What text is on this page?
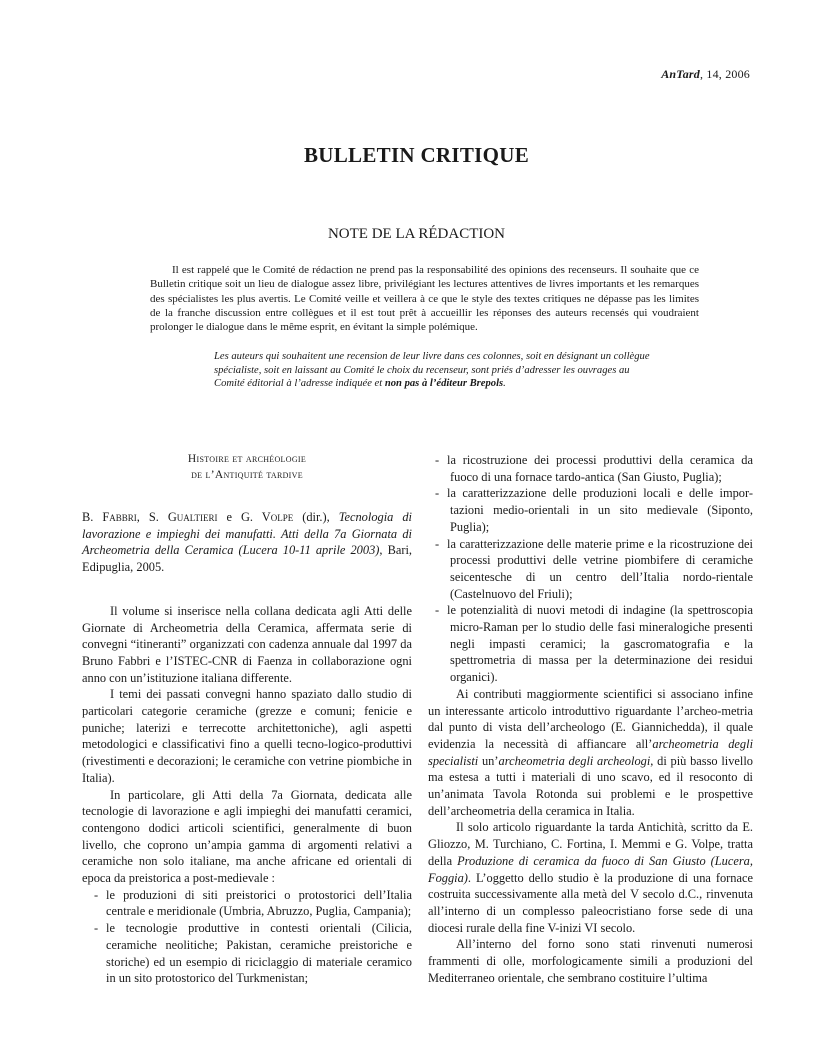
AnTard, 14, 2006
BULLETIN CRITIQUE
NOTE DE LA RÉDACTION

Il est rappelé que le Comité de rédaction ne prend pas la responsabilité des opinions des recenseurs. Il souhaite que ce Bulletin critique soit un lieu de dialogue assez libre, privilégiant les lectures attentives de livres importants et les remarques des spécialistes les plus avertis. Le Comité veille et veillera à ce que le style des textes critiques ne dépasse pas les limites de la franche discussion entre collègues et il est tout prêt à accueillir les réponses des auteurs recensés qui voudraient prolonger le dialogue dans le même esprit, en évitant la simple polémique.

Les auteurs qui souhaitent une recension de leur livre dans ces colonnes, soit en désignant un collègue spécialiste, soit en laissant au Comité le choix du recenseur, sont priés d’adresser les ouvrages au Comité éditorial à l’adresse indiquée et non pas à l’éditeur Brepols.

Histoire et archéologie
de l’Antiquité tardive

B. Fabbri, S. Gualtieri e G. Volpe (dir.), Tecnologia di lavorazione e impieghi dei manufatti. Atti della 7a Giornata di Archeometria della Ceramica (Lucera 10-11 aprile 2003), Bari, Edipuglia, 2005.

Il volume si inserisce nella collana dedicata agli Atti delle Giornate di Archeometria della Ceramica, affermata serie di convegni “itineranti” organizzati con cadenza annuale dal 1997 da Bruno Fabbri e l’ISTEC-CNR di Faenza in collaborazione ogni anno con un’istituzione italiana differente.

I temi dei passati convegni hanno spaziato dallo studio di particolari categorie ceramiche (grezze e comuni; fenicie e puniche; laterizi e terrecotte architettoniche), agli aspetti metodologici e classificativi fino a quelli tecno-logico-produttivi (rivestimenti e decorazioni; le ceramiche con vetrine piombiche in Italia).

In particolare, gli Atti della 7a Giornata, dedicata alle tecnologie di lavorazione e agli impieghi dei manufatti ceramici, contengono dodici articoli scientifici, generalmente di buon livello, che coprono un’ampia gamma di argomenti relativi a ceramiche non solo italiane, ma anche africane ed orientali di epoca da preistorica a post-medievale :

- le produzioni di siti preistorici o protostorici dell’Italia centrale e meridionale (Umbria, Abruzzo, Puglia, Campania);
- le tecnologie produttive in contesti orientali (Cilicia, ceramiche neolitiche; Pakistan, ceramiche preistoriche e storiche) ed un esempio di riciclaggio di materiale ceramico in un sito protostorico del Turkmenistan;
- la ricostruzione dei processi produttivi della ceramica da fuoco di una fornace tardo-antica (San Giusto, Puglia);
- la caratterizzazione delle produzioni locali e delle impor-tazioni medio-orientali in un sito medievale (Siponto, Puglia);
- la caratterizzazione delle materie prime e la ricostruzione dei processi produttivi delle vetrine piombifere di ceramiche seicentesche di un centro dell’Italia nordo-rientale (Castelnuovo del Friuli);
- le potenzialità di nuovi metodi di indagine (la spettroscopia micro-Raman per lo studio delle fasi mineralogiche presenti negli impasti ceramici; la gascromatografia e la spettrometria di massa per la determinazione dei residui organici).

Ai contributi maggiormente scientifici si associano infine un interessante articolo introduttivo riguardante l’archeo-metria dal punto di vista dell’archeologo (E. Giannichedda), il quale evidenzia la necessità di affiancare all’archeometria degli specialisti un’archeometria degli archeologi, di più basso livello ma estesa a tutti i materiali di uno scavo, ed il resoconto di un’animata Tavola Rotonda sui problemi e le prospettive dell’archeometria della ceramica in Italia.

Il solo articolo riguardante la tarda Antichità, scritto da E. Gliozzo, M. Turchiano, C. Fortina, I. Memmi e G. Volpe, tratta della Produzione di ceramica da fuoco di San Giusto (Lucera, Foggia). L’oggetto dello studio è la produzione di una fornace costruita successivamente alla metà del V secolo d.C., rinvenuta all’interno di un complesso paleocristiano forse sede di una diocesi rurale della fine V-inizi VI secolo.

All’interno del forno sono stati rinvenuti numerosi frammenti di olle, morfologicamente simili a produzioni del Mediterraneo orientale, che sembrano costituire l’ultima
